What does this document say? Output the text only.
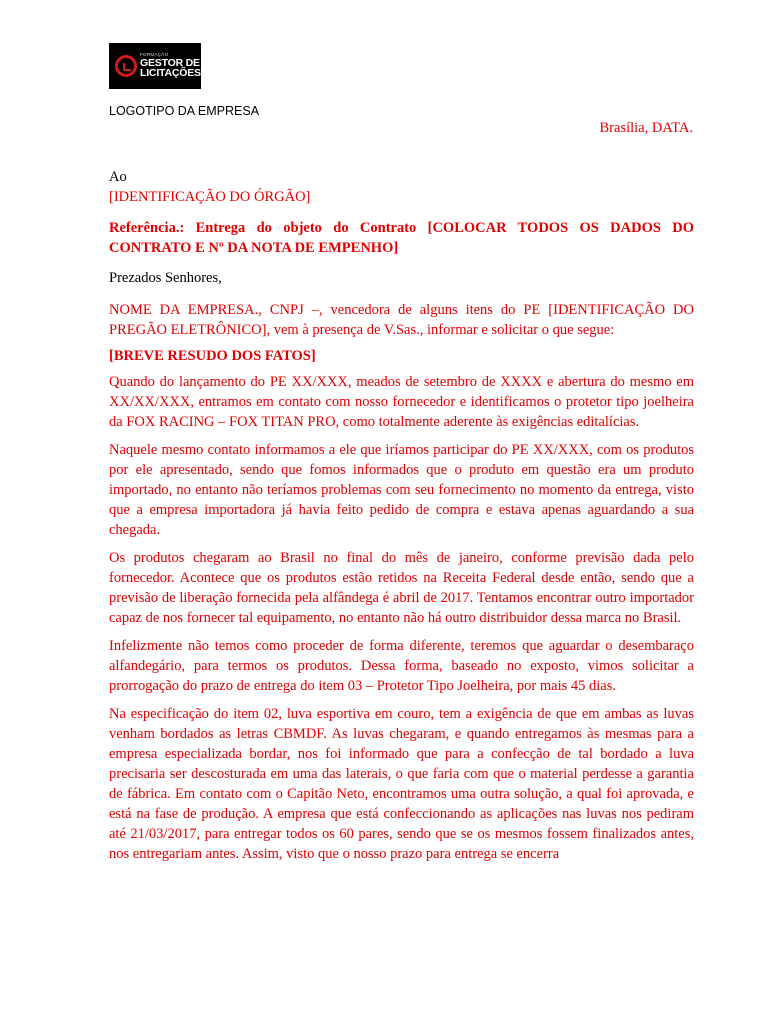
FORMAÇÃO
GESTOR DE
LICITAÇÕES
LOGOTIPO DA EMPRESA
Brasília, DATA.

Ao

[IDENTIFICAÇÃO DO ÓRGÃO]

Referência.: Entrega do objeto do Contrato [COLOCAR TODOS OS DADOS DO CONTRATO E Nº DA NOTA DE EMPENHO]

Prezados Senhores,

NOME DA EMPRESA., CNPJ –, vencedora de alguns itens do PE [IDENTIFICAÇÃO DO PREGÃO ELETRÔNICO], vem à presença de V.Sas., informar e solicitar o que segue:

[BREVE RESUDO DOS FATOS]

Quando do lançamento do PE XX/XXX, meados de setembro de XXXX e abertura do mesmo em XX/XX/XXX, entramos em contato com nosso fornecedor e identificamos o protetor tipo joelheira da FOX RACING – FOX TITAN PRO, como totalmente aderente às exigências editalícias.

Naquele mesmo contato informamos a ele que iríamos participar do PE XX/XXX, com os produtos por ele apresentado, sendo que fomos informados que o produto em questão era um produto importado, no entanto não teríamos problemas com seu fornecimento no momento da entrega, visto que a empresa importadora já havia feito pedido de compra e estava apenas aguardando a sua chegada.

Os produtos chegaram ao Brasil no final do mês de janeiro, conforme previsão dada pelo fornecedor. Acontece que os produtos estão retidos na Receita Federal desde então, sendo que a previsão de liberação fornecida pela alfândega é abril de 2017. Tentamos encontrar outro importador capaz de nos fornecer tal equipamento, no entanto não há outro distribuidor dessa marca no Brasil.

Infelizmente não temos como proceder de forma diferente, teremos que aguardar o desembaraço alfandegário, para termos os produtos. Dessa forma, baseado no exposto, vimos solicitar a prorrogação do prazo de entrega do item 03 – Protetor Tipo Joelheira, por mais 45 dias.

Na especificação do item 02, luva esportiva em couro, tem a exigência de que em ambas as luvas venham bordados as letras CBMDF. As luvas chegaram, e quando entregamos às mesmas para a empresa especializada bordar, nos foi informado que para a confecção de tal bordado a luva precisaria ser descosturada em uma das laterais, o que faria com que o material perdesse a garantia de fábrica. Em contato com o Capitão Neto, encontramos uma outra solução, a qual foi aprovada, e está na fase de produção. A empresa que está confeccionando as aplicações nas luvas nos pediram até 21/03/2017, para entregar todos os 60 pares, sendo que se os mesmos fossem finalizados antes, nos entregariam antes. Assim, visto que o nosso prazo para entrega se encerra
